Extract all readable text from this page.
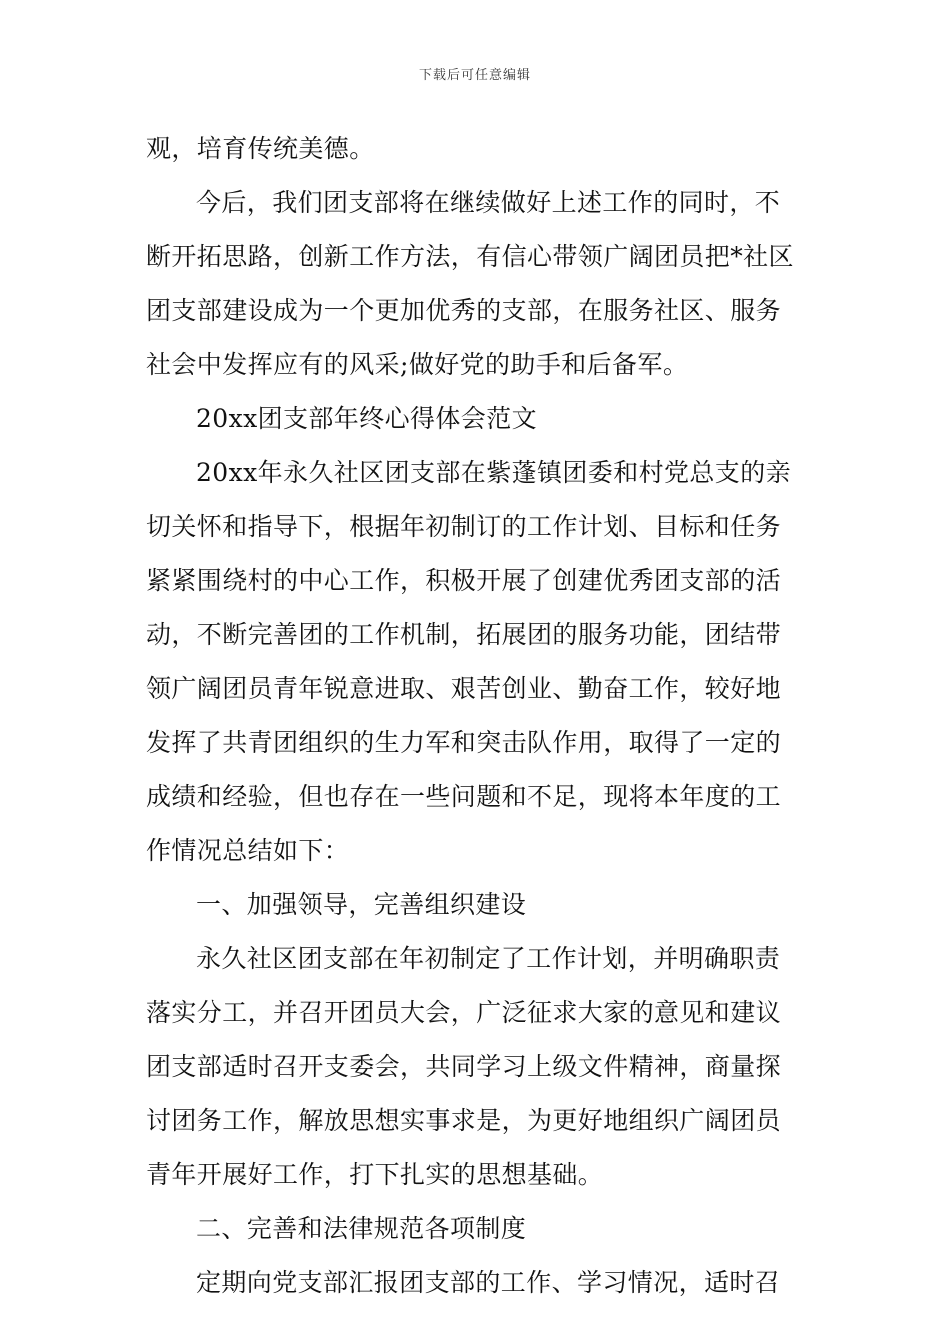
下载后可任意编辑
观，培育传统美德。
今后，我们团支部将在继续做好上述工作的同时，不
断开拓思路，创新工作方法，有信心带领广阔团员把*社区
团支部建设成为一个更加优秀的支部，在服务社区、服务
社会中发挥应有的风采;做好党的助手和后备军。
20xx团支部年终心得体会范文
20xx年永久社区团支部在紫蓬镇团委和村党总支的亲
切关怀和指导下，根据年初制订的工作计划、目标和任务
紧紧围绕村的中心工作，积极开展了创建优秀团支部的活
动，不断完善团的工作机制，拓展团的服务功能，团结带
领广阔团员青年锐意进取、艰苦创业、勤奋工作，较好地
发挥了共青团组织的生力军和突击队作用，取得了一定的
成绩和经验，但也存在一些问题和不足，现将本年度的工
作情况总结如下：
一、加强领导，完善组织建设
永久社区团支部在年初制定了工作计划，并明确职责
落实分工，并召开团员大会，广泛征求大家的意见和建议
团支部适时召开支委会，共同学习上级文件精神，商量探
讨团务工作，解放思想实事求是，为更好地组织广阔团员
青年开展好工作，打下扎实的思想基础。
二、完善和法律规范各项制度
定期向党支部汇报团支部的工作、学习情况，适时召
